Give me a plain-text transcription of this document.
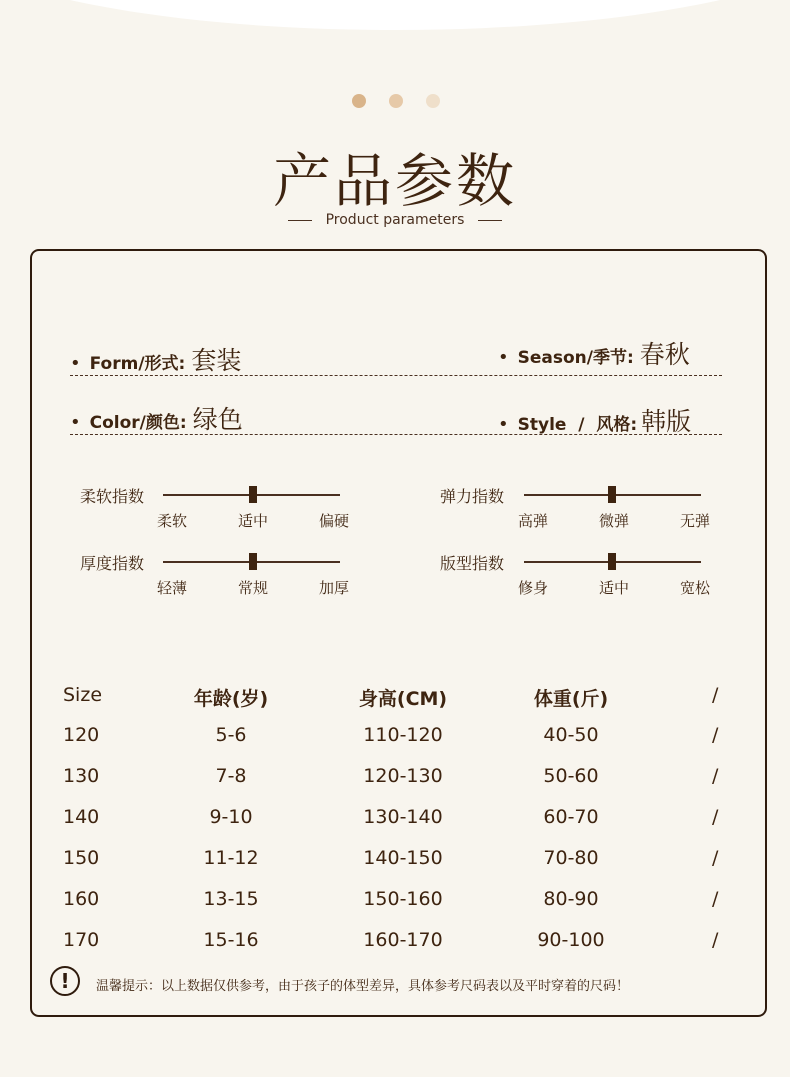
产品参数
Product parameters
• Form/形式: 套装	• Season/季节: 春秋
• Color/颜色: 绿色	• Style  /  风格: 韩版
柔软指数
柔软	适中	偏硬
弹力指数
高弹	微弹	无弹
厚度指数
轻薄	常规	加厚
版型指数
修身	适中	宽松
Size	年龄(岁)	身高(CM)	体重(斤)	/
120	5-6	110-120	40-50	/
130	7-8	120-130	50-60	/
140	9-10	130-140	60-70	/
150	11-12	140-150	70-80	/
160	13-15	150-160	80-90	/
170	15-16	160-170	90-100	/
!	温馨提示：以上数据仅供参考，由于孩子的体型差异，具体参考尺码表以及平时穿着的尺码！
